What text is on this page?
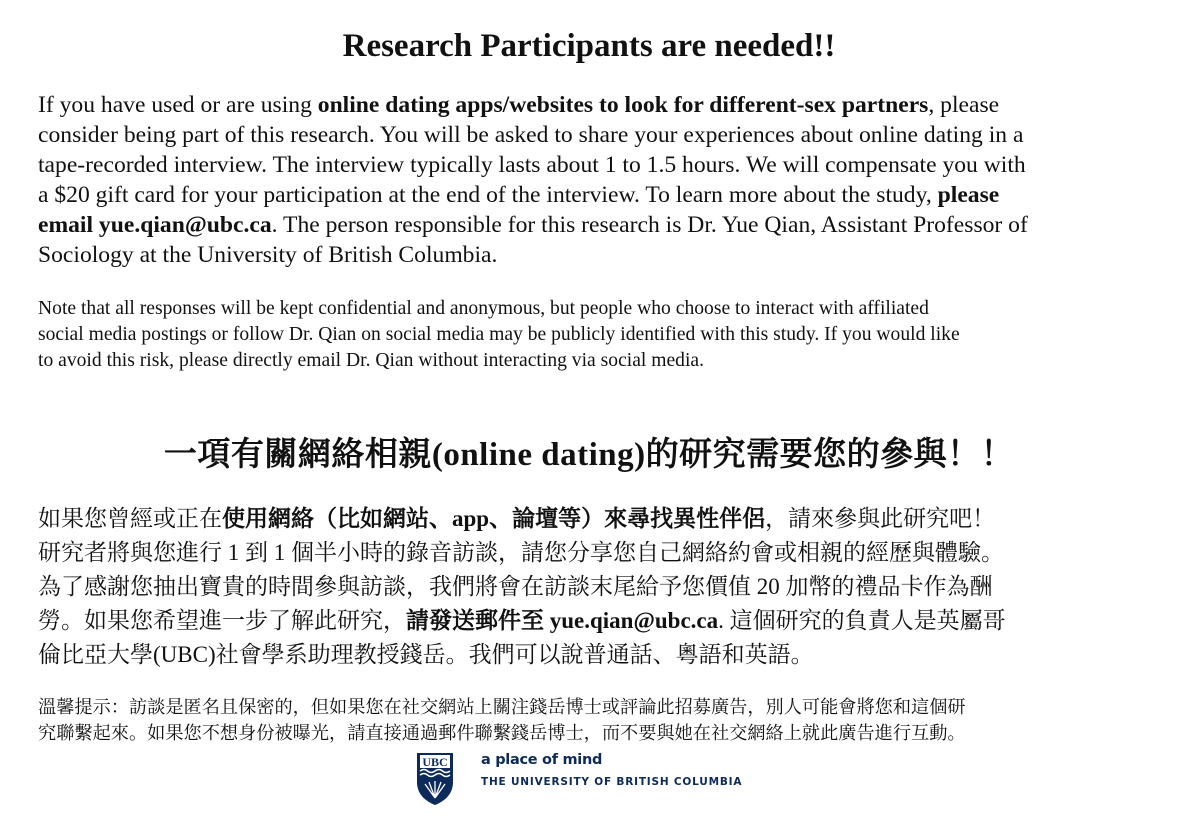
Research Participants are needed!!
If you have used or are using online dating apps/websites to look for different-sex partners, please
consider being part of this research. You will be asked to share your experiences about online dating in a
tape-recorded interview. The interview typically lasts about 1 to 1.5 hours. We will compensate you with
a $20 gift card for your participation at the end of the interview. To learn more about the study, please
email yue.qian@ubc.ca. The person responsible for this research is Dr. Yue Qian, Assistant Professor of
Sociology at the University of British Columbia.
Note that all responses will be kept confidential and anonymous, but people who choose to interact with affiliated
social media postings or follow Dr. Qian on social media may be publicly identified with this study. If you would like
to avoid this risk, please directly email Dr. Qian without interacting via social media.
一項有關網絡相親(online dating)的研究需要您的參與！！
如果您曾經或正在使用網絡（比如網站、app、論壇等）來尋找異性伴侶，請來參與此研究吧！
研究者將與您進行 1 到 1 個半小時的錄音訪談，請您分享您自己網絡約會或相親的經歷與體驗。
為了感謝您抽出寶貴的時間參與訪談，我們將會在訪談末尾給予您價值 20 加幣的禮品卡作為酬
勞。如果您希望進一步了解此研究，請發送郵件至 yue.qian@ubc.ca. 這個研究的負責人是英屬哥
倫比亞大學(UBC)社會學系助理教授錢岳。我們可以說普通話、粵語和英語。
溫馨提示：訪談是匿名且保密的，但如果您在社交網站上關注錢岳博士或評論此招募廣告，別人可能會將您和這個研
究聯繫起來。如果您不想身份被曝光，請直接通過郵件聯繫錢岳博士，而不要與她在社交網絡上就此廣告進行互動。
UBC a place of mind
THE UNIVERSITY OF BRITISH COLUMBIA
